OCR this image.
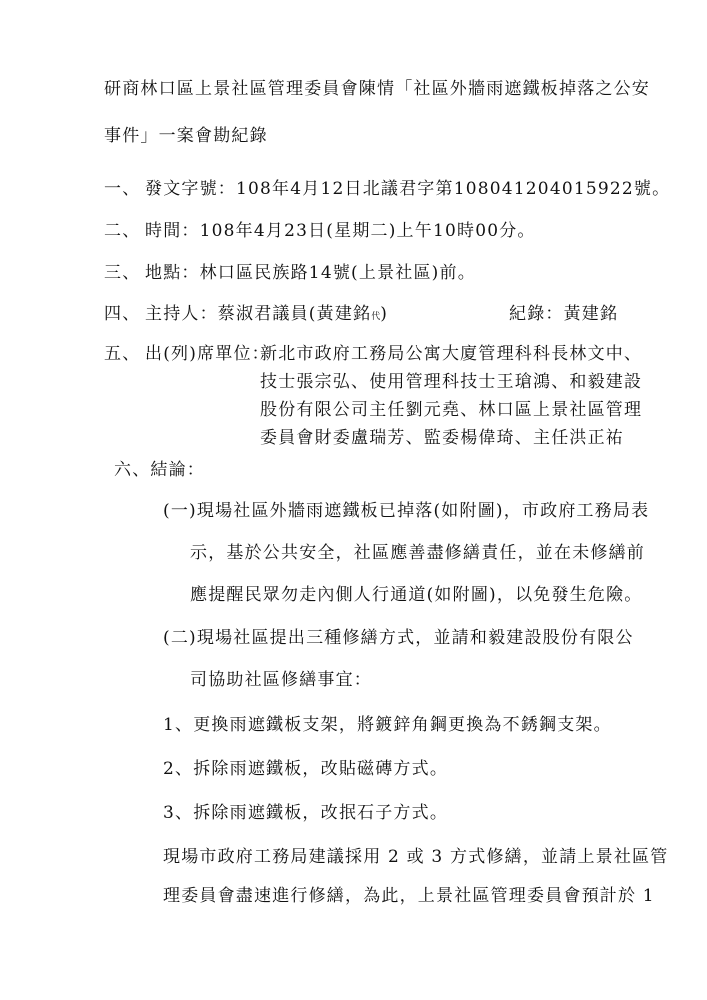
研商林口區上景社區管理委員會陳情「社區外牆雨遮鐵板掉落之公安
事件」一案會勘紀錄
一、 發文字號：108年4月12日北議君字第108041204015922號。
二、 時間：108年4月23日(星期二)上午10時00分。
三、 地點：林口區民族路14號(上景社區)前。
四、 主持人：蔡淑君議員(黃建銘代)	紀錄：黃建銘
五、 出(列)席單位：
新北市政府工務局公寓大廈管理科科長林文中、
技士張宗弘、使用管理科技士王瑲鴻、和毅建設
股份有限公司主任劉元堯、林口區上景社區管理
委員會財委盧瑞芳、監委楊偉琦、主任洪正祐
六、結論：
(一)現場社區外牆雨遮鐵板已掉落(如附圖)，市政府工務局表
示，基於公共安全，社區應善盡修繕責任，並在未修繕前
應提醒民眾勿走內側人行通道(如附圖)，以免發生危險。
(二)現場社區提出三種修繕方式，並請和毅建設股份有限公
司協助社區修繕事宜：
1、更換雨遮鐵板支架，將鍍鋅角鋼更換為不銹鋼支架。
2、拆除雨遮鐵板，改貼磁磚方式。
3、拆除雨遮鐵板，改抿石子方式。
現場市政府工務局建議採用 2 或 3 方式修繕，並請上景社區管
理委員會盡速進行修繕，為此，上景社區管理委員會預計於 1
